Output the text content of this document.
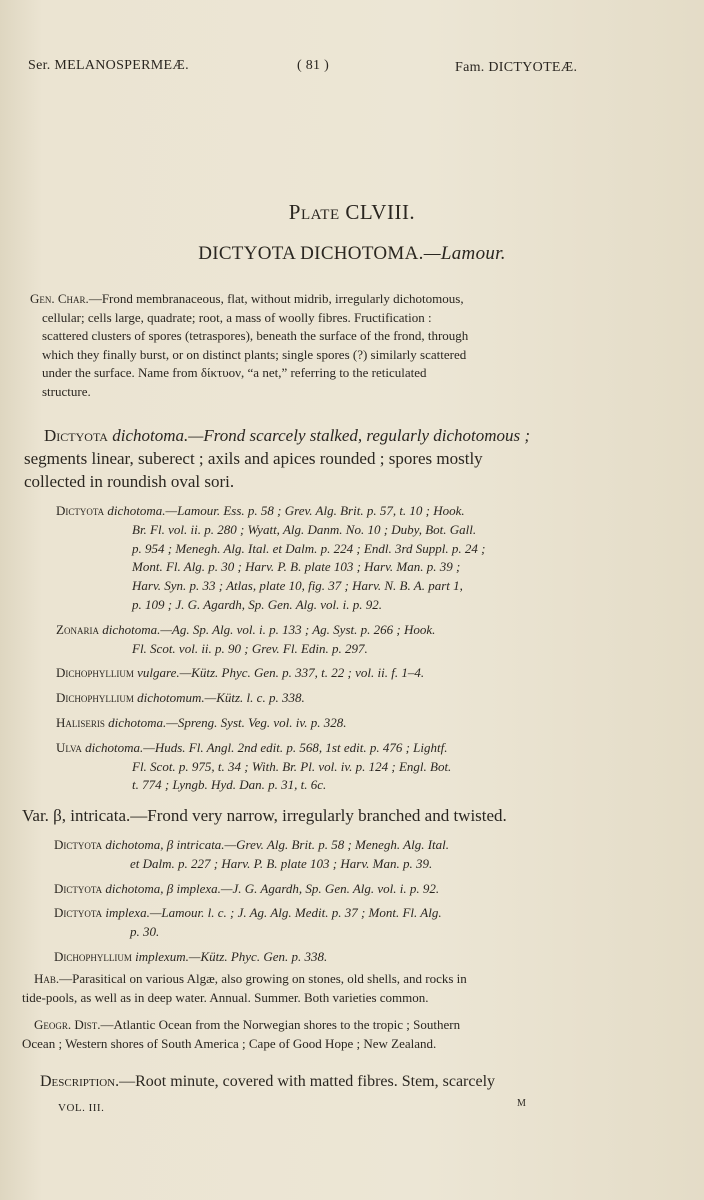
Ser. MELANOSPERMEÆ.	( 81 )	Fam. DICTYOTEÆ.
Plate CLVIII.
DICTYOTA DICHOTOMA.—Lamour.
Gen. Char.—Frond membranaceous, flat, without midrib, irregularly dichotomous,
cellular; cells large, quadrate; root, a mass of woolly fibres. Fructification :
scattered clusters of spores (tetraspores), beneath the surface of the frond, through
which they finally burst, or on distinct plants; single spores (?) similarly scattered
under the surface. Name from δίκτυον, “a net,” referring to the reticulated
structure.
Dictyota dichotoma.—Frond scarcely stalked, regularly dichotomous ;
segments linear, suberect ; axils and apices rounded ; spores mostly
collected in roundish oval sori.
Dictyota dichotoma.—Lamour. Ess. p. 58 ; Grev. Alg. Brit. p. 57, t. 10 ; Hook.
Br. Fl. vol. ii. p. 280 ; Wyatt, Alg. Danm. No. 10 ; Duby, Bot. Gall.
p. 954 ; Menegh. Alg. Ital. et Dalm. p. 224 ; Endl. 3rd Suppl. p. 24 ;
Mont. Fl. Alg. p. 30 ; Harv. P. B. plate 103 ; Harv. Man. p. 39 ;
Harv. Syn. p. 33 ; Atlas, plate 10, fig. 37 ; Harv. N. B. A. part 1,
p. 109 ; J. G. Agardh, Sp. Gen. Alg. vol. i. p. 92.
Zonaria dichotoma.—Ag. Sp. Alg. vol. i. p. 133 ; Ag. Syst. p. 266 ; Hook.
Fl. Scot. vol. ii. p. 90 ; Grev. Fl. Edin. p. 297.
Dichophyllium vulgare.—Kütz. Phyc. Gen. p. 337, t. 22 ; vol. ii. f. 1–4.
Dichophyllium dichotomum.—Kütz. l. c. p. 338.
Haliseris dichotoma.—Spreng. Syst. Veg. vol. iv. p. 328.
Ulva dichotoma.—Huds. Fl. Angl. 2nd edit. p. 568, 1st edit. p. 476 ; Lightf.
Fl. Scot. p. 975, t. 34 ; With. Br. Pl. vol. iv. p. 124 ; Engl. Bot.
t. 774 ; Lyngb. Hyd. Dan. p. 31, t. 6c.
Var. β, intricata.—Frond very narrow, irregularly branched and twisted.
Dictyota dichotoma, β intricata.—Grev. Alg. Brit. p. 58 ; Menegh. Alg. Ital.
et Dalm. p. 227 ; Harv. P. B. plate 103 ; Harv. Man. p. 39.
Dictyota dichotoma, β implexa.—J. G. Agardh, Sp. Gen. Alg. vol. i. p. 92.
Dictyota implexa.—Lamour. l. c. ; J. Ag. Alg. Medit. p. 37 ; Mont. Fl. Alg.
p. 30.
Dichophyllium implexum.—Kütz. Phyc. Gen. p. 338.
Hab.—Parasitical on various Algæ, also growing on stones, old shells, and rocks in
tide-pools, as well as in deep water. Annual. Summer. Both varieties common.
Geogr. Dist.—Atlantic Ocean from the Norwegian shores to the tropic ; Southern
Ocean ; Western shores of South America ; Cape of Good Hope ; New Zealand.
Description.—Root minute, covered with matted fibres. Stem, scarcely
VOL. III.	M
